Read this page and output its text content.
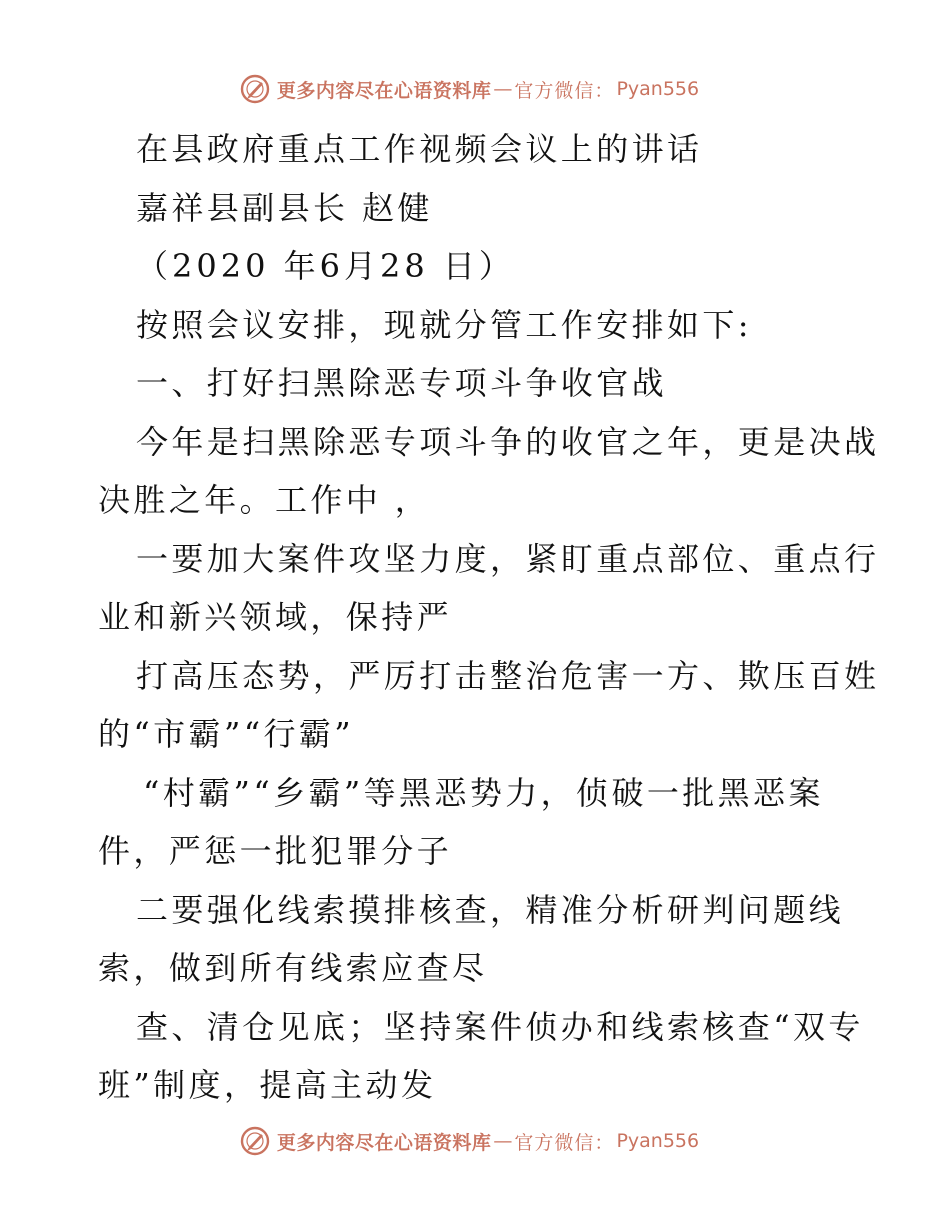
更多内容尽在心语资料库 — 官方微信： Pyan556

在县政府重点工作视频会议上的讲话

嘉祥县副县长 赵健

（2020 年6月28 日）

按照会议安排，现就分管工作安排如下:

一、打好扫黑除恶专项斗争收官战

今年是扫黑除恶专项斗争的收官之年，更是决战

决胜之年。工作中 ，

一要加大案件攻坚力度，紧盯重点部位、重点行

业和新兴领域，保持严

打高压态势，严厉打击整治危害一方、欺压百姓

的“市霸”“行霸”

“村霸”“乡霸”等黑恶势力，侦破一批黑恶案

件，严惩一批犯罪分子

二要强化线索摸排核查，精准分析研判问题线

索，做到所有线索应查尽

查、清仓见底；坚持案件侦办和线索核查“双专

班”制度，提高主动发

更多内容尽在心语资料库 — 官方微信： Pyan556
